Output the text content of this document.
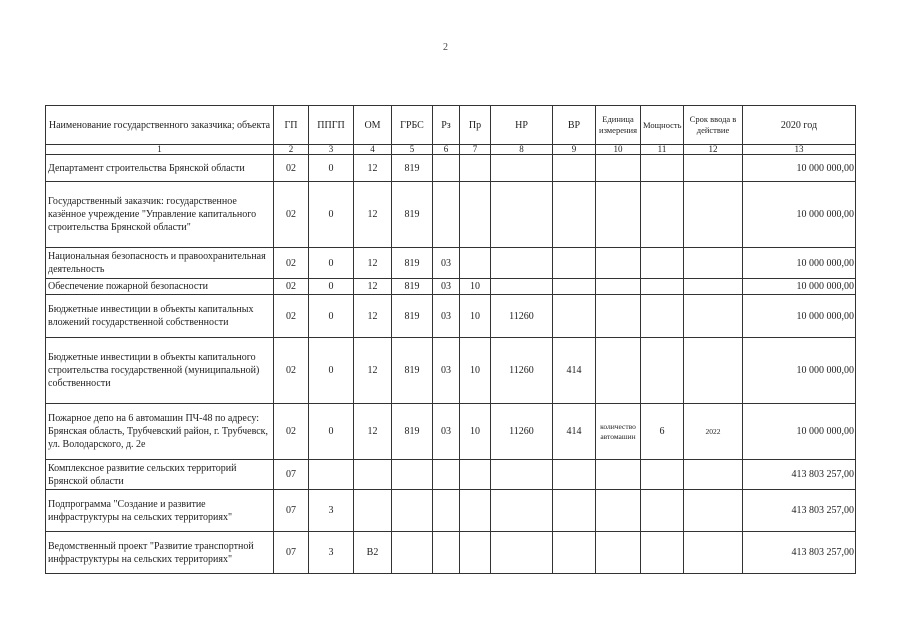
2
Наименование государственного заказчика; объекта	ГП	ППГП	ОМ	ГРБС	Рз	Пр	НР	ВР	Единица измерения	Мощность	Срок ввода в действие	2020 год
1	2	3	4	5	6	7	8	9	10	11	12	13
Департамент строительства Брянской области	02	0	12	819								10 000 000,00
Государственный заказчик: государственное казённое учреждение "Управление капитального строительства Брянской области"	02	0	12	819								10 000 000,00
Национальная безопасность и правоохранительная деятельность	02	0	12	819	03							10 000 000,00
Обеспечение пожарной безопасности	02	0	12	819	03	10						10 000 000,00
Бюджетные инвестиции в объекты капитальных вложений государственной собственности	02	0	12	819	03	10	11260					10 000 000,00
Бюджетные инвестиции в объекты капитального строительства государственной (муниципальной) собственности	02	0	12	819	03	10	11260	414				10 000 000,00
Пожарное депо на 6 автомашин ПЧ-48 по адресу: Брянская область, Трубчевский район, г. Трубчевск, ул. Володарского, д. 2е	02	0	12	819	03	10	11260	414	количество автомашин	6	2022	10 000 000,00
Комплексное развитие сельских территорий Брянской области	07											413 803 257,00
Подпрограмма "Создание и развитие инфраструктуры на сельских территориях"	07	3										413 803 257,00
Ведомственный проект "Развитие транспортной инфраструктуры на сельских территориях"	07	3	В2									413 803 257,00
